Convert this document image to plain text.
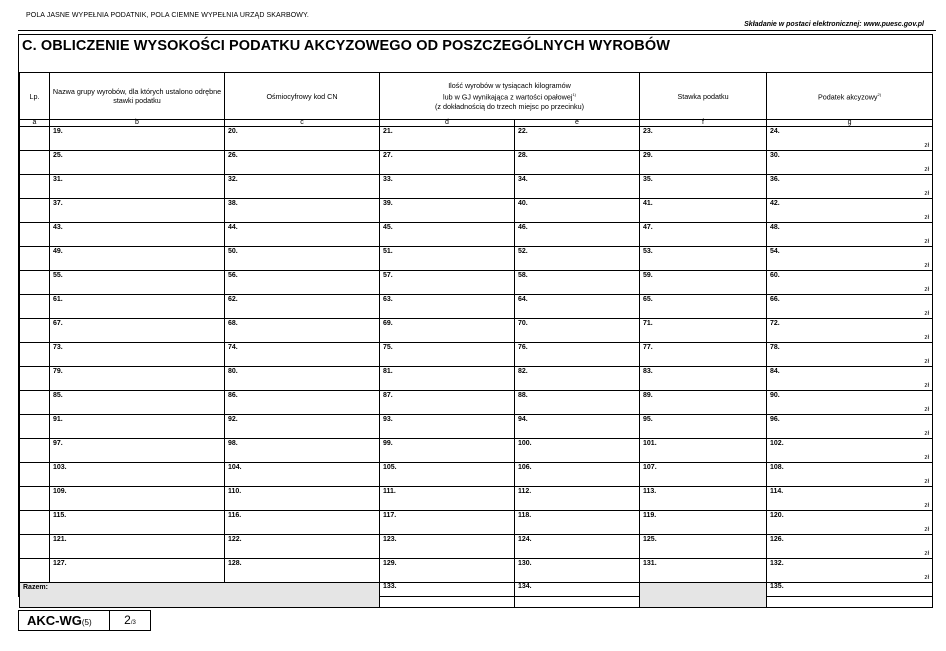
POLA JASNE WYPEŁNIA PODATNIK, POLA CIEMNE WYPEŁNIA URZĄD SKARBOWY.
Składanie w postaci elektronicznej: www.puesc.gov.pl
C. OBLICZENIE WYSOKOŚCI PODATKU AKCYZOWEGO OD POSZCZEGÓLNYCH WYROBÓW
Lp.	Nazwa grupy wyrobów, dla których ustalono odrębne stawki podatku	Ośmiocyfrowy kod CN	Ilość wyrobów w tysiącach kilogramów
lub w GJ wynikająca z wartości opałowej$^{1)}$
(z dokładnością do trzech miejsc po przecinku)		Stawka podatku	Podatek akcyzowy$^{2)}$
a	b	c	d	e	f	g
	19.	20.	21.	22.	23.	24.
zł

	25.	26.	27.	28.	29.	30.
zł

	31.	32.	33.	34.	35.	36.
zł

	37.	38.	39.	40.	41.	42.
zł

	43.	44.	45.	46.	47.	48.
zł

	49.	50.	51.	52.	53.	54.
zł

	55.	56.	57.	58.	59.	60.
zł

	61.	62.	63.	64.	65.	66.
zł

	67.	68.	69.	70.	71.	72.
zł

	73.	74.	75.	76.	77.	78.
zł

	79.	80.	81.	82.	83.	84.
zł

	85.	86.	87.	88.	89.	90.
zł

	91.	92.	93.	94.	95.	96.
zł

	97.	98.	99.	100.	101.	102.
zł

	103.	104.	105.	106.	107.	108.
zł

	109.	110.	111.	112.	113.	114.
zł

	115.	116.	117.	118.	119.	120.
zł

	121.	122.	123.	124.	125.	126.
zł

	127.	128.	129.	130.	131.	132.
zł

Razem:			133.	134.		135.
AKC-WG(5)	2/3
